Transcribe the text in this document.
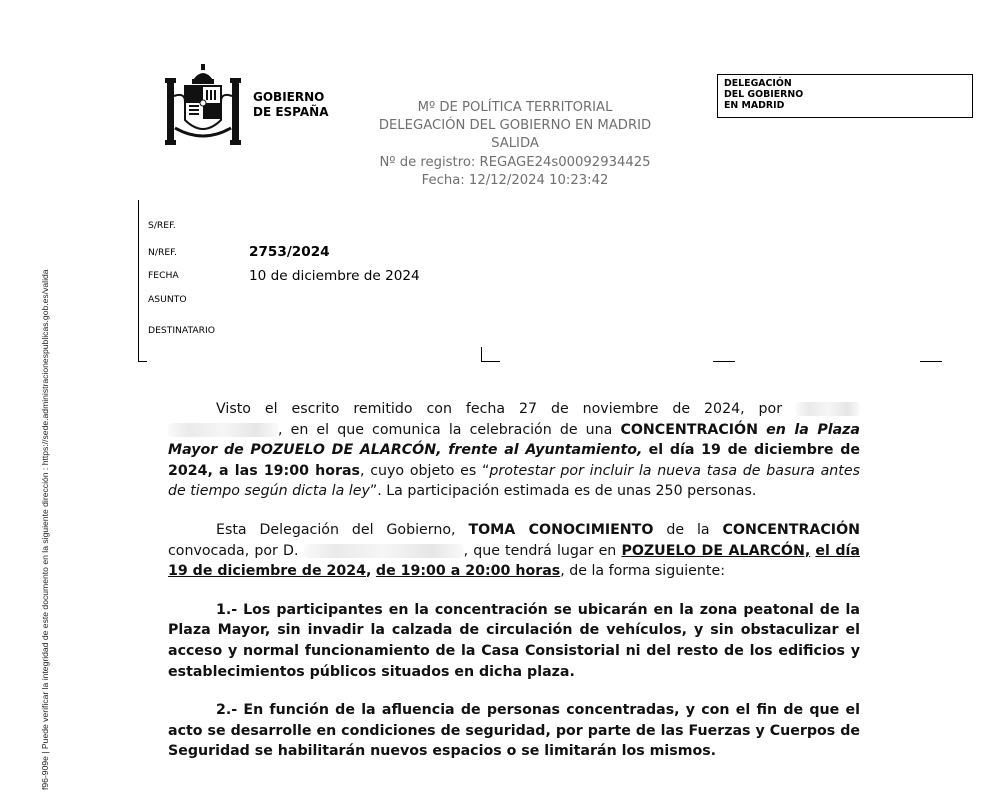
f96-909e | Puede verificar la integridad de este documento en la siguiente dirección : https://sede.administracionespublicas.gob.es/valida
GOBIERNO
DE ESPAÑA
DELEGACIÓN
DEL GOBIERNO
EN MADRID
Mº DE POLÍTICA TERRITORIAL
DELEGACIÓN DEL GOBIERNO EN MADRID
SALIDA
Nº de registro: REGAGE24s00092934425
Fecha: 12/12/2024 10:23:42
S/REF.
N/REF.	2753/2024
FECHA	10 de diciembre de 2024
ASUNTO
DESTINATARIO

Visto el escrito remitido con fecha 27 de noviembre de 2024, por  , en el que comunica la celebración de una CONCENTRACIÓN en la Plaza Mayor de POZUELO DE ALARCÓN, frente al Ayuntamiento, el día 19 de diciembre de 2024, a las 19:00 horas, cuyo objeto es “protestar por incluir la nueva tasa de basura antes de tiempo según dicta la ley”. La participación estimada es de unas 250 personas.

Esta Delegación del Gobierno, TOMA CONOCIMIENTO de la CONCENTRACIÓN convocada, por D.	, que tendrá lugar en POZUELO DE ALARCÓN, el día 19 de diciembre de 2024, de 19:00 a 20:00 horas, de la forma siguiente:

1.- Los participantes en la concentración se ubicarán en la zona peatonal de la Plaza Mayor, sin invadir la calzada de circulación de vehículos, y sin obstaculizar el acceso y normal funcionamiento de la Casa Consistorial ni del resto de los edificios y establecimientos públicos situados en dicha plaza.

2.- En función de la afluencia de personas concentradas, y con el fin de que el acto se desarrolle en condiciones de seguridad, por parte de las Fuerzas y Cuerpos de Seguridad se habilitarán nuevos espacios o se limitarán los mismos.
